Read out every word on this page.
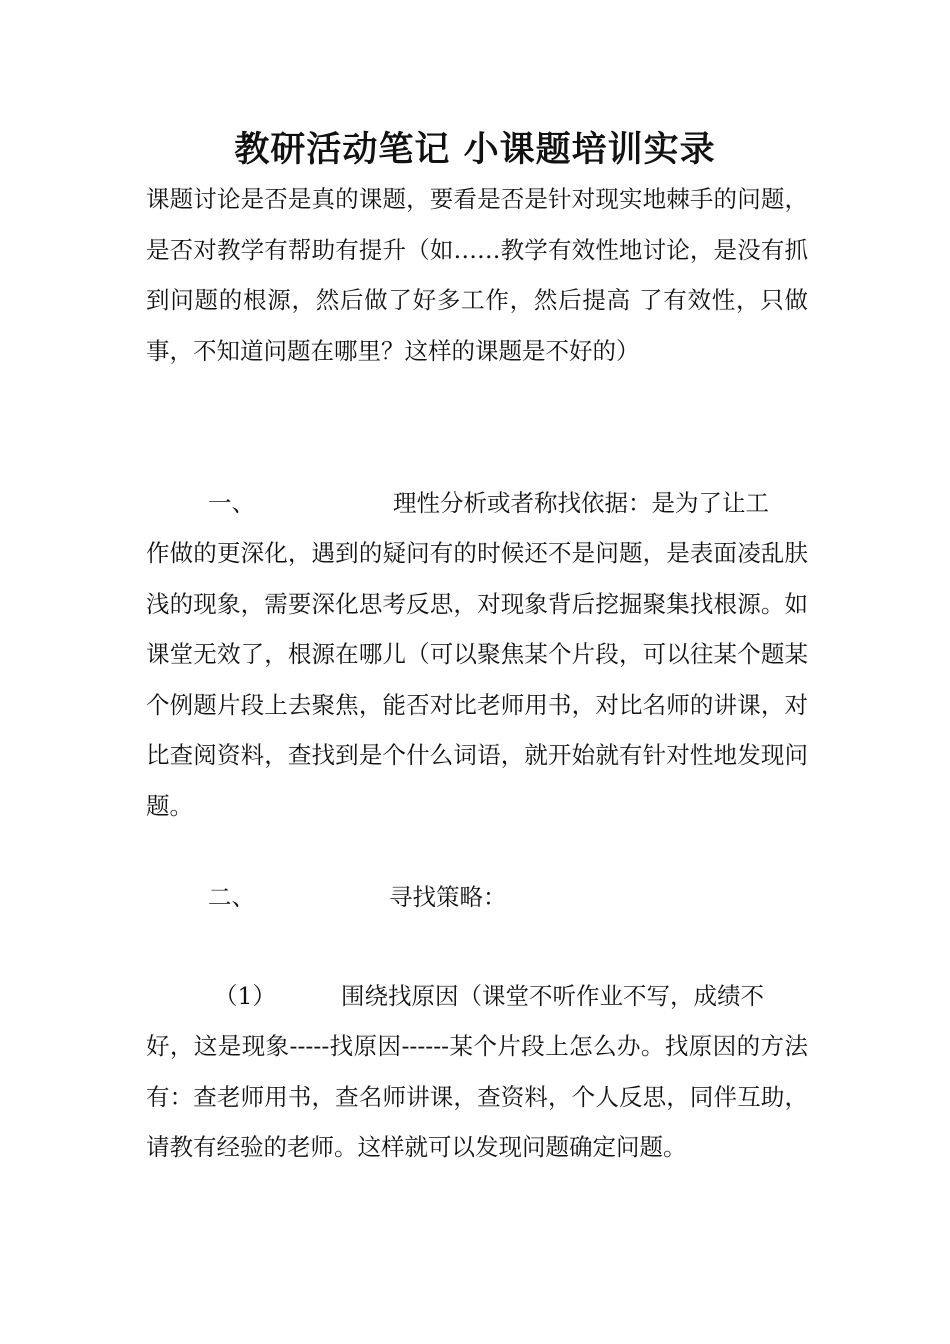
教研活动笔记 小课题培训实录

课题讨论是否是真的课题，要看是否是针对现实地棘手的问题，是否对教学有帮助有提升（如……教学有效性地讨论，是没有抓到问题的根源，然后做了好多工作，然后提高 了有效性，只做事，不知道问题在哪里？这样的课题是不好的）

一、	理性分析或者称找依据：是为了让工

作做的更深化，遇到的疑问有的时候还不是问题，是表面凌乱肤浅的现象，需要深化思考反思，对现象背后挖掘聚集找根源。如课堂无效了，根源在哪儿（可以聚焦某个片段，可以往某个题某个例题片段上去聚焦，能否对比老师用书，对比名师的讲课，对比查阅资料，查找到是个什么词语，就开始就有针对性地发现问题。

二、	寻找策略：

（1）	围绕找原因（课堂不听作业不写，成绩不

好，这是现象-----找原因------某个片段上怎么办。找原因的方法有：查老师用书，查名师讲课，查资料，个人反思，同伴互助，请教有经验的老师。这样就可以发现问题确定问题。
